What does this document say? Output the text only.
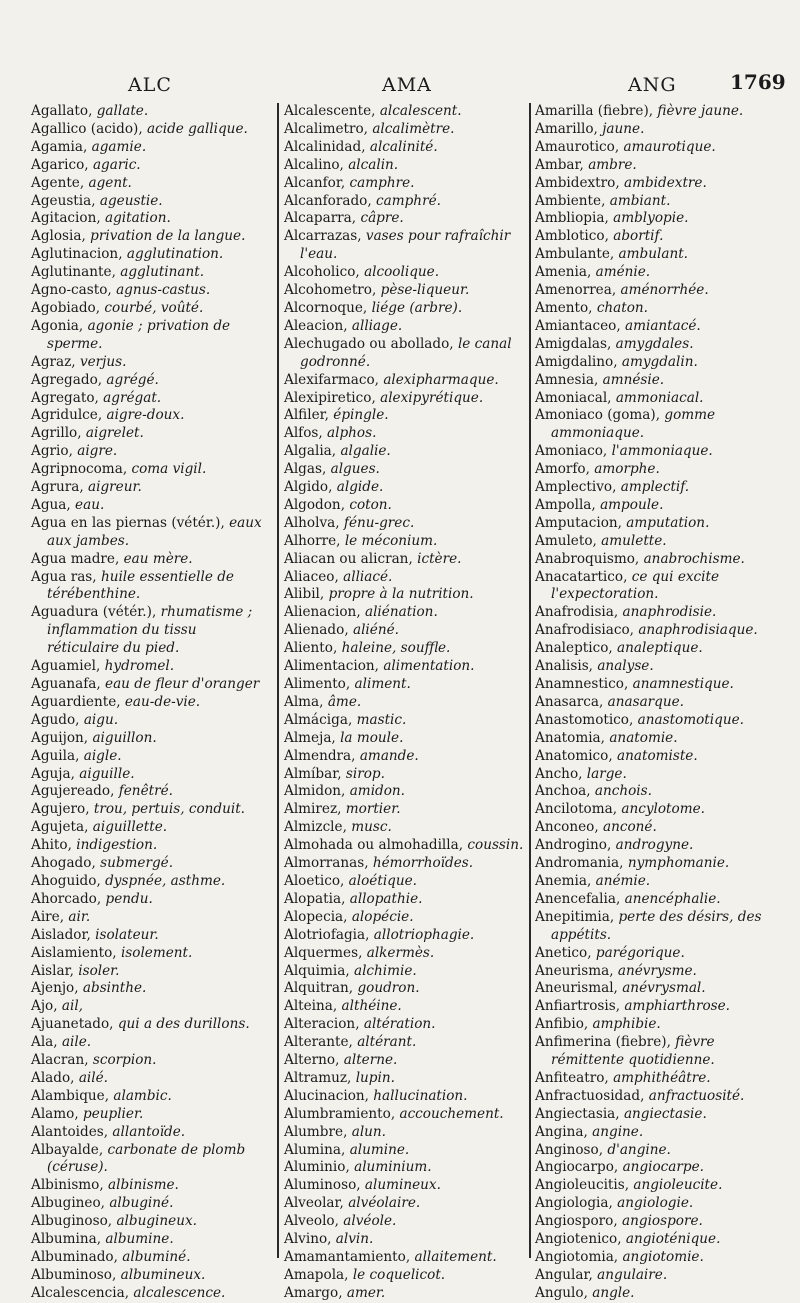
ALC	AMA	ANG	1769

Agallato, gallate.

Agallico (acido), acide gallique.

Agamia, agamie.

Agarico, agaric.

Agente, agent.

Ageustia, ageustie.

Agitacion, agitation.

Aglosia, privation de la langue.

Aglutinacion, agglutination.

Aglutinante, agglutinant.

Agno-casto, agnus-castus.

Agobiado, courbé, voûté.

Agonia, agonie ; privation de sperme.

Agraz, verjus.

Agregado, agrégé.

Agregato, agrégat.

Agridulce, aigre-doux.

Agrillo, aigrelet.

Agrio, aigre.

Agripnocoma, coma vigil.

Agrura, aigreur.

Agua, eau.

Agua en las piernas (vétér.), eaux aux jambes.

Agua madre, eau mère.

Agua ras, huile essentielle de térébenthine.

Aguadura (vétér.), rhumatisme ; inflammation du tissu réticulaire du pied.

Aguamiel, hydromel.

Aguanafa, eau de fleur d'oranger

Aguardiente, eau-de-vie.

Agudo, aigu.

Aguijon, aiguillon.

Aguila, aigle.

Aguja, aiguille.

Agujereado, fenêtré.

Agujero, trou, pertuis, conduit.

Agujeta, aiguillette.

Ahito, indigestion.

Ahogado, submergé.

Ahoguido, dyspnée, asthme.

Ahorcado, pendu.

Aire, air.

Aislador, isolateur.

Aislamiento, isolement.

Aislar, isoler.

Ajenjo, absinthe.

Ajo, ail,

Ajuanetado, qui a des durillons.

Ala, aile.

Alacran, scorpion.

Alado, ailé.

Alambique, alambic.

Alamo, peuplier.

Alantoides, allantoïde.

Albayalde, carbonate de plomb (céruse).

Albinismo, albinisme.

Albugineo, albuginé.

Albuginoso, albugineux.

Albumina, albumine.

Albuminado, albuminé.

Albuminoso, albumineux.

Alcalescencia, alcalescence.

Alcalescente, alcalescent.

Alcalimetro, alcalimètre.

Alcalinidad, alcalinité.

Alcalino, alcalin.

Alcanfor, camphre.

Alcanforado, camphré.

Alcaparra, câpre.

Alcarrazas, vases pour rafraîchir l'eau.

Alcoholico, alcoolique.

Alcohometro, pèse-liqueur.

Alcornoque, liége (arbre).

Aleacion, alliage.

Alechugado ou abollado, le canal godronné.

Alexifarmaco, alexipharmaque.

Alexipiretico, alexipyrétique.

Alfiler, épingle.

Alfos, alphos.

Algalia, algalie.

Algas, algues.

Algido, algide.

Algodon, coton.

Alholva, fénu-grec.

Alhorre, le méconium.

Aliacan ou alicran, ictère.

Aliaceo, alliacé.

Alibil, propre à la nutrition.

Alienacion, aliénation.

Alienado, aliéné.

Aliento, haleine, souffle.

Alimentacion, alimentation.

Alimento, aliment.

Alma, âme.

Almáciga, mastic.

Almeja, la moule.

Almendra, amande.

Almíbar, sirop.

Almidon, amidon.

Almirez, mortier.

Almizcle, musc.

Almohada ou almohadilla, coussin.

Almorranas, hémorrhoïdes.

Aloetico, aloétique.

Alopatia, allopathie.

Alopecia, alopécie.

Alotriofagia, allotriophagie.

Alquermes, alkermès.

Alquimia, alchimie.

Alquitran, goudron.

Alteina, althéine.

Alteracion, altération.

Alterante, altérant.

Alterno, alterne.

Altramuz, lupin.

Alucinacion, hallucination.

Alumbramiento, accouchement.

Alumbre, alun.

Alumina, alumine.

Aluminio, aluminium.

Aluminoso, alumineux.

Alveolar, alvéolaire.

Alveolo, alvéole.

Alvino, alvin.

Amamantamiento, allaitement.

Amapola, le coquelicot.

Amargo, amer.

Amarilla (fiebre), fièvre jaune.

Amarillo, jaune.

Amaurotico, amaurotique.

Ambar, ambre.

Ambidextro, ambidextre.

Ambiente, ambiant.

Ambliopia, amblyopie.

Amblotico, abortif.

Ambulante, ambulant.

Amenia, aménie.

Amenorrea, aménorrhée.

Amento, chaton.

Amiantaceo, amiantacé.

Amigdalas, amygdales.

Amigdalino, amygdalin.

Amnesia, amnésie.

Amoniacal, ammoniacal.

Amoniaco (goma), gomme ammoniaque.

Amoniaco, l'ammoniaque.

Amorfo, amorphe.

Amplectivo, amplectif.

Ampolla, ampoule.

Amputacion, amputation.

Amuleto, amulette.

Anabroquismo, anabrochisme.

Anacatartico, ce qui excite l'expectoration.

Anafrodisia, anaphrodisie.

Anafrodisiaco, anaphrodisiaque.

Analeptico, analeptique.

Analisis, analyse.

Anamnestico, anamnestique.

Anasarca, anasarque.

Anastomotico, anastomotique.

Anatomia, anatomie.

Anatomico, anatomiste.

Ancho, large.

Anchoa, anchois.

Ancilotoma, ancylotome.

Anconeo, anconé.

Androgino, androgyne.

Andromania, nymphomanie.

Anemia, anémie.

Anencefalia, anencéphalie.

Anepitimia, perte des désirs, des appétits.

Anetico, parégorique.

Aneurisma, anévrysme.

Aneurismal, anévrysmal.

Anfiartrosis, amphiarthrose.

Anfibio, amphibie.

Anfimerina (fiebre), fièvre rémittente quotidienne.

Anfiteatro, amphithéâtre.

Anfractuosidad, anfractuosité.

Angiectasia, angiectasie.

Angina, angine.

Anginoso, d'angine.

Angiocarpo, angiocarpe.

Angioleucitis, angioleucite.

Angiologia, angiologie.

Angiosporo, angiospore.

Angiotenico, angioténique.

Angiotomia, angiotomie.

Angular, angulaire.

Angulo, angle.
